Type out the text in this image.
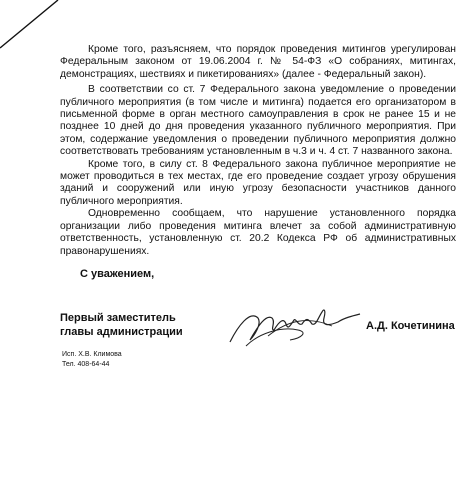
Кроме того, разъясняем, что порядок проведения митингов урегулирован Федеральным законом от 19.06.2004 г. № 54-ФЗ «О собраниях, митингах, демонстрациях, шествиях и пикетированиях» (далее - Федеральный закон).

В соответствии со ст. 7 Федерального закона уведомление о проведении публичного мероприятия (в том числе и митинга) подается его организатором в письменной форме в орган местного самоуправления в срок не ранее 15 и не позднее 10 дней до дня проведения указанного публичного мероприятия. При этом, содержание уведомления о проведении публичного мероприятия должно соответствовать требованиям установленным в ч.3 и ч. 4 ст. 7 названного закона.

Кроме того, в силу ст. 8 Федерального закона публичное мероприятие не может проводиться в тех местах, где его проведение создает угрозу обрушения зданий и сооружений или иную угрозу безопасности участников данного публичного мероприятия.

Одновременно сообщаем, что нарушение установленного порядка организации либо проведения митинга влечет за собой административную ответственность, установленную ст. 20.2 Кодекса РФ об административных правонарушениях.

С уважением,
Первый заместитель
главы администрации	А.Д. Кочетинина
Исп. Х.В. Климова
Тел. 408-64-44
